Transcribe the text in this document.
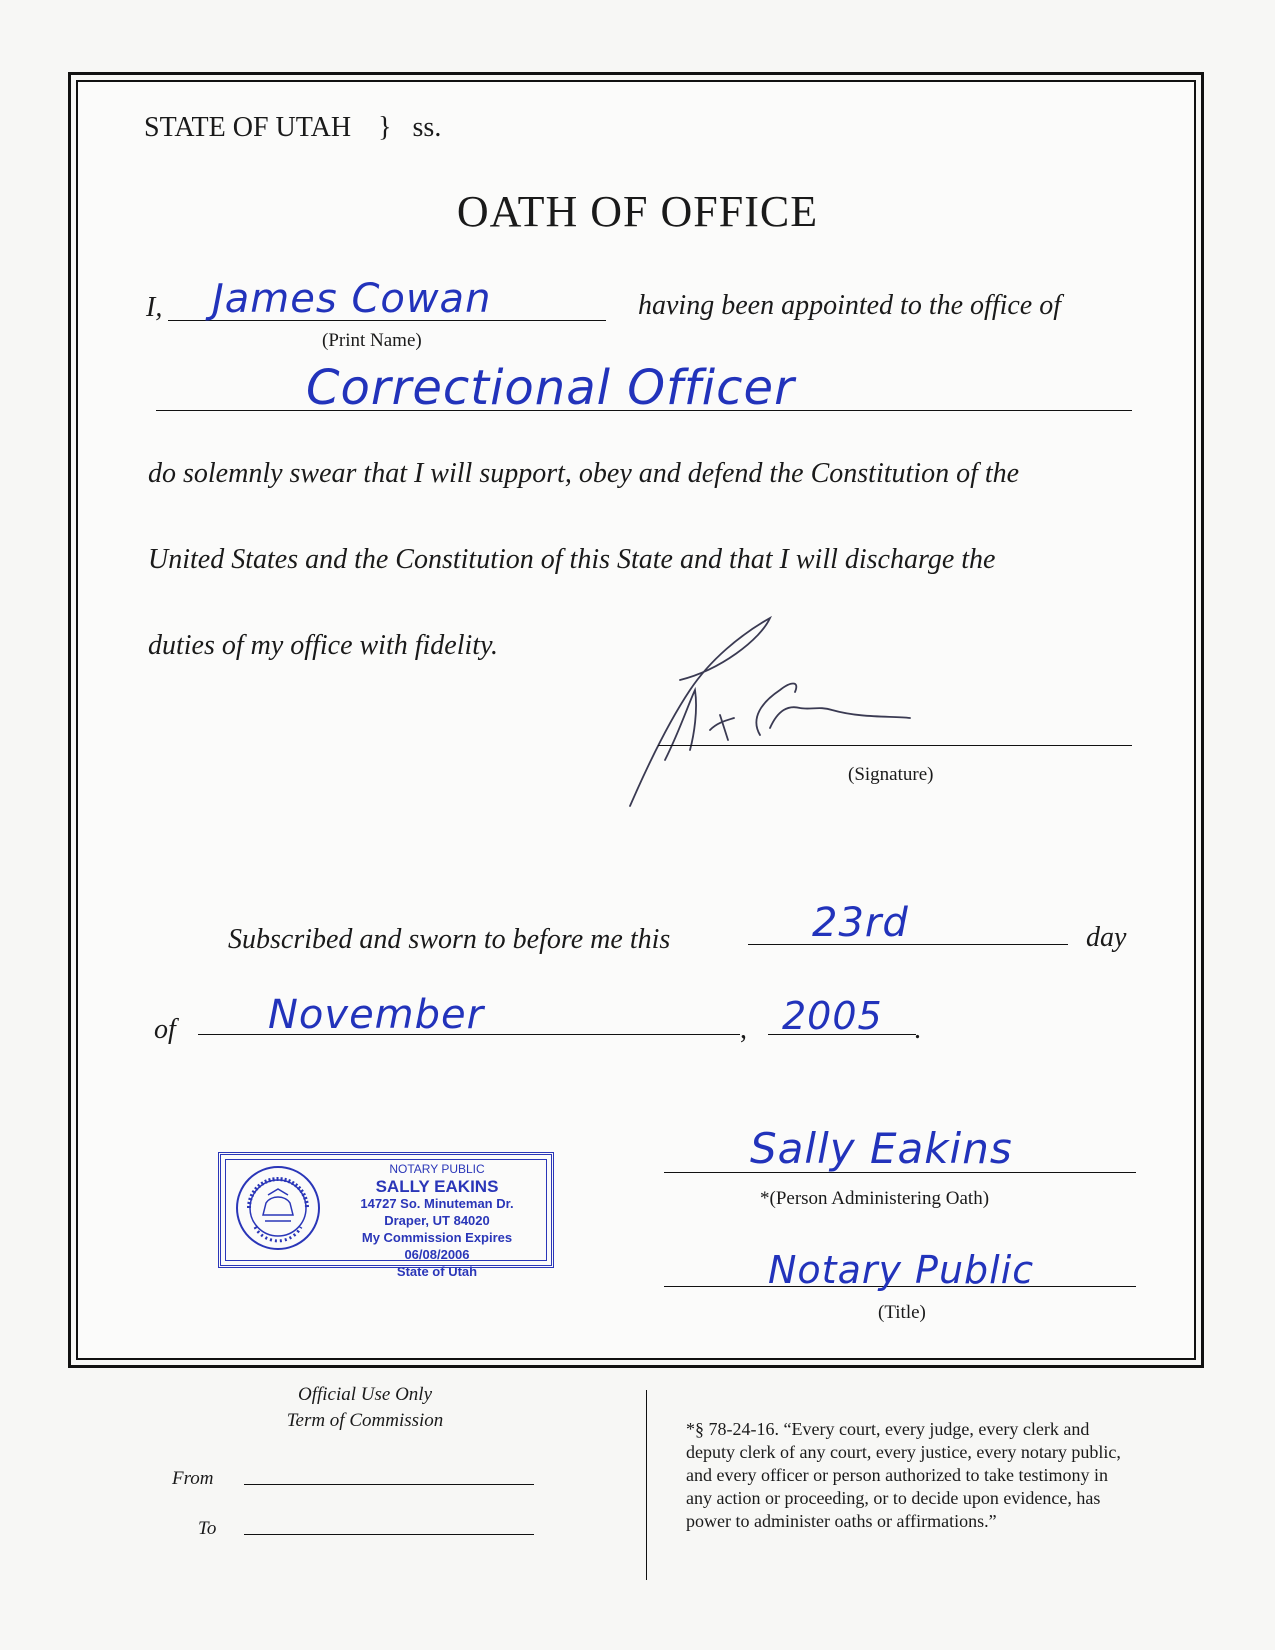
STATE OF UTAH } ss.
OATH OF OFFICE
I, James Cowan
(Print Name)
having been appointed to the office of
Correctional Officer
do solemnly swear that I will support, obey and defend the Constitution of the
United States and the Constitution of this State and that I will discharge the
duties of my office with fidelity.
(Signature)
Subscribed and sworn to before me this	23rd	day
of November	, 2005 .
NOTARY PUBLIC
SALLY EAKINS
14727 So. Minuteman Dr.
Draper, UT 84020
My Commission Expires 06/08/2006
State of Utah
Sally Eakins
*(Person Administering Oath)
Notary Public
(Title)
Official Use Only
Term of Commission
From
To
*§ 78-24-16. “Every court, every judge, every clerk and
deputy clerk of any court, every justice, every notary public,
and every officer or person authorized to take testimony in
any action or proceeding, or to decide upon evidence, has
power to administer oaths or affirmations.”
